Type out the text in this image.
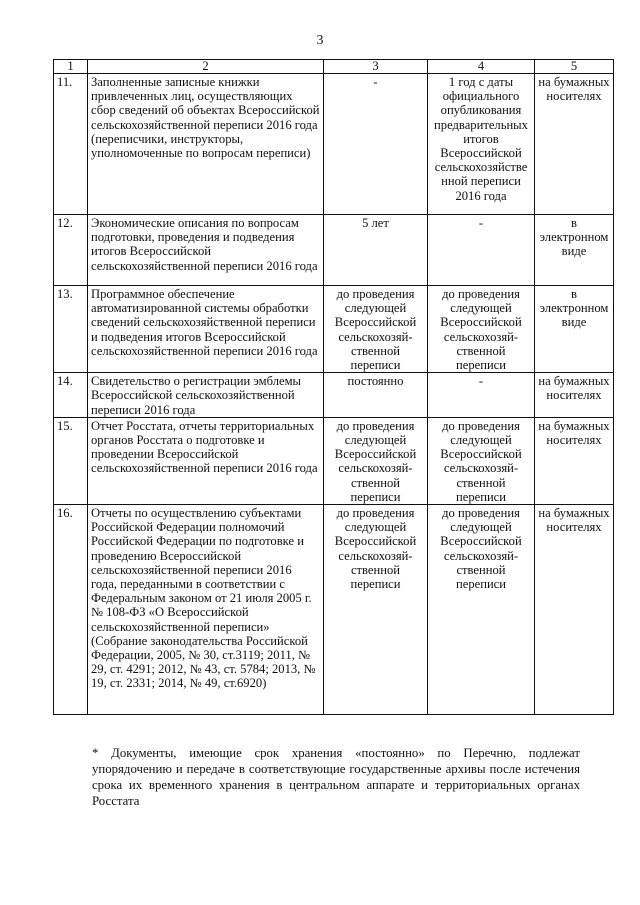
3
1	2	3	4	5
11.	Заполненные записные книжки привлеченных лиц, осуществляющих сбор сведений об объектах Всероссийской сельскохозяйственной переписи 2016 года (переписчики, инструкторы, уполномоченные по вопросам переписи)	-	1 год с даты официального опубликования предварительных итогов Всероссийской сельскохозяйстве нной переписи 2016 года	на бумажных носителях
12.	Экономические описания по вопросам подготовки, проведения и подведения итогов Всероссийской сельскохозяйственной переписи 2016 года	5 лет	-	в электронном виде
13.	Программное обеспечение автоматизированной системы обработки сведений сельскохозяйственной переписи и подведения итогов Всероссийской сельскохозяйственной переписи 2016 года	до проведения следующей Всероссийской сельскохозяй-ственной переписи	до проведения следующей Всероссийской сельскохозяй-ственной переписи	в электронном виде
14.	Свидетельство о регистрации эмблемы Всероссийской сельскохозяйственной переписи 2016 года	постоянно	-	на бумажных носителях
15.	Отчет Росстата, отчеты территориальных органов Росстата о подготовке и проведении Всероссийской сельскохозяйственной переписи 2016 года	до проведения следующей Всероссийской сельскохозяй-ственной переписи	до проведения следующей Всероссийской сельскохозяй-ственной переписи	на бумажных носителях
16.	Отчеты по осуществлению субъектами Российской Федерации полномочий Российской Федерации по подготовке и проведению Всероссийской сельскохозяйственной переписи 2016 года, переданными в соответствии с Федеральным законом от 21 июля 2005 г. № 108-ФЗ «О Всероссийской сельскохозяйственной переписи» (Собрание законодательства Российской Федерации, 2005, № 30, ст.3119; 2011, № 29, ст. 4291; 2012, № 43, ст. 5784; 2013, № 19, ст. 2331; 2014, № 49, ст.6920)	до проведения следующей Всероссийской сельскохозяй-ственной переписи	до проведения следующей Всероссийской сельскохозяй-ственной переписи	на бумажных носителях

* Документы, имеющие срок хранения «постоянно» по Перечню, подлежат упорядочению и передаче в соответствующие государственные архивы после истечения срока их временного хранения в центральном аппарате и территориальных органах Росстата
